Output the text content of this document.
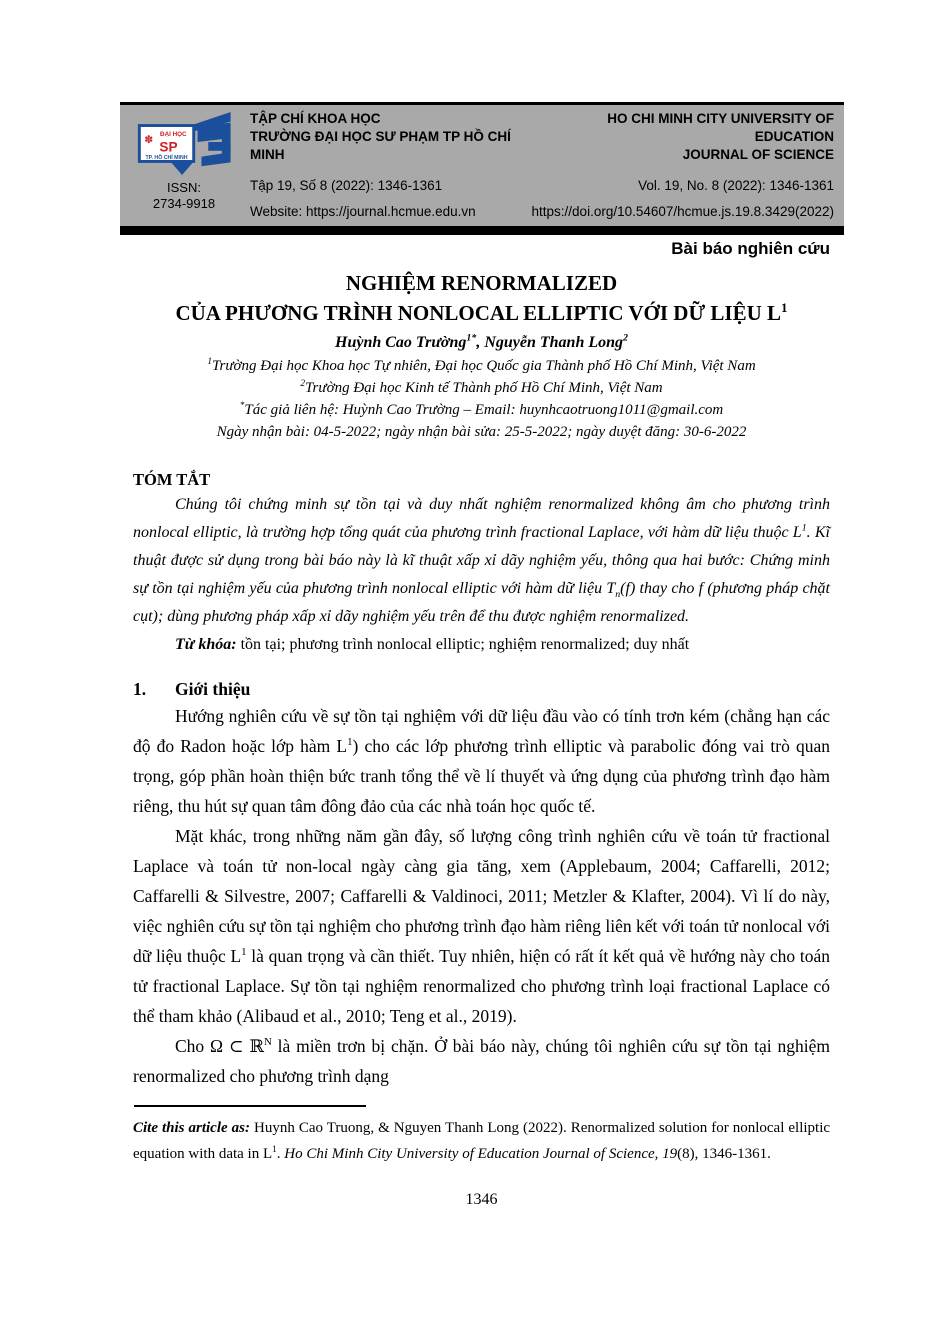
✽ ĐẠI HỌC
SP
TP. HỒ CHÍ MINH
ISSN:
2734-9918
TẬP CHÍ KHOA HỌC
TRƯỜNG ĐẠI HỌC SƯ PHẠM TP HỒ CHÍ MINH
Tập 19, Số 8 (2022): 1346-1361
Website: https://journal.hcmue.edu.vn
HO CHI MINH CITY UNIVERSITY OF EDUCATION
JOURNAL OF SCIENCE
Vol. 19, No. 8 (2022): 1346-1361
https://doi.org/10.54607/hcmue.js.19.8.3429(2022)
Bài báo nghiên cứu
NGHIỆM RENORMALIZED
CỦA PHƯƠNG TRÌNH NONLOCAL ELLIPTIC VỚI DỮ LIỆU $L^1$
Huỳnh Cao Trường$^{1*}$, Nguyễn Thanh Long$^2$
$^1$Trường Đại học Khoa học Tự nhiên, Đại học Quốc gia Thành phố Hồ Chí Minh, Việt Nam
$^2$Trường Đại học Kinh tế Thành phố Hồ Chí Minh, Việt Nam
*Tác giả liên hệ: Huỳnh Cao Trường – Email: huynhcaotruong1011@gmail.com
Ngày nhận bài: 04-5-2022; ngày nhận bài sửa: 25-5-2022; ngày duyệt đăng: 30-6-2022
TÓM TẮT
Chúng tôi chứng minh sự tồn tại và duy nhất nghiệm renormalized không âm cho phương trình nonlocal elliptic, là trường hợp tổng quát của phương trình fractional Laplace, với hàm dữ liệu thuộc $L^1$. Kĩ thuật được sử dụng trong bài báo này là kĩ thuật xấp xỉ dãy nghiệm yếu, thông qua hai bước: Chứng minh sự tồn tại nghiệm yếu của phương trình nonlocal elliptic với hàm dữ liệu $T_n(f)$ thay cho f (phương pháp chặt cụt); dùng phương pháp xấp xỉ dãy nghiệm yếu trên để thu được nghiệm renormalized.
Từ khóa: tồn tại; phương trình nonlocal elliptic; nghiệm renormalized; duy nhất
1. Giới thiệu

Hướng nghiên cứu về sự tồn tại nghiệm với dữ liệu đầu vào có tính trơn kém (chẳng hạn các độ đo Radon hoặc lớp hàm $L^1$) cho các lớp phương trình elliptic và parabolic đóng vai trò quan trọng, góp phần hoàn thiện bức tranh tổng thể về lí thuyết và ứng dụng của phương trình đạo hàm riêng, thu hút sự quan tâm đông đảo của các nhà toán học quốc tế.

Mặt khác, trong những năm gần đây, số lượng công trình nghiên cứu về toán tử fractional Laplace và toán tử non-local ngày càng gia tăng, xem (Applebaum, 2004; Caffarelli, 2012; Caffarelli & Silvestre, 2007; Caffarelli & Valdinoci, 2011; Metzler & Klafter, 2004). Vì lí do này, việc nghiên cứu sự tồn tại nghiệm cho phương trình đạo hàm riêng liên kết với toán tử nonlocal với dữ liệu thuộc $L^1$ là quan trọng và cần thiết. Tuy nhiên, hiện có rất ít kết quả về hướng này cho toán tử fractional Laplace. Sự tồn tại nghiệm renormalized cho phương trình loại fractional Laplace có thể tham khảo (Alibaud et al., 2010; Teng et al., 2019).

Cho Ω ⊂ ℝ$^N$ là miền trơn bị chặn. Ở bài báo này, chúng tôi nghiên cứu sự tồn tại nghiệm renormalized cho phương trình dạng

Cite this article as: Huynh Cao Truong, & Nguyen Thanh Long (2022). Renormalized solution for nonlocal elliptic equation with data in $L^1$. Ho Chi Minh City University of Education Journal of Science, 19(8), 1346-1361.
1346
